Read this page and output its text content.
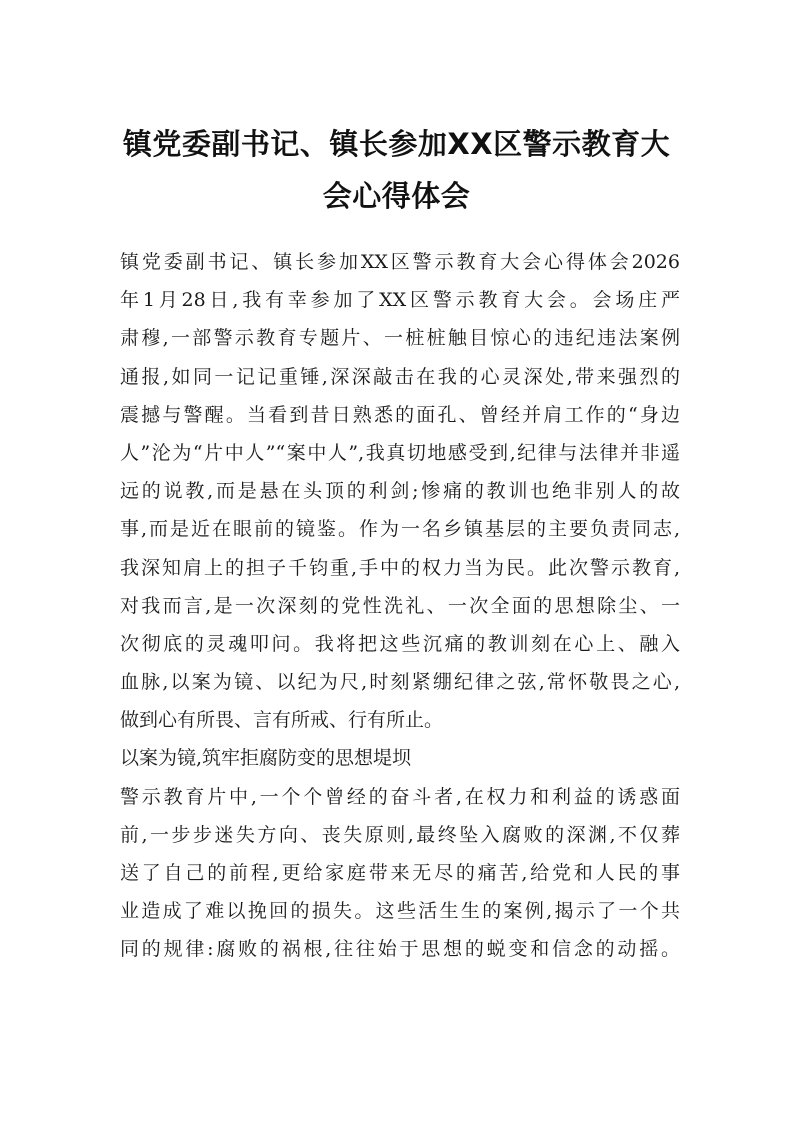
镇党委副书记、镇长参加XX区警示教育大
会心得体会
镇党委副书记、镇长参加XX区警示教育大会心得体会2026
年1月28日,我有幸参加了XX区警示教育大会。会场庄严
肃穆,一部警示教育专题片、一桩桩触目惊心的违纪违法案例
通报,如同一记记重锤,深深敲击在我的心灵深处,带来强烈的
震撼与警醒。当看到昔日熟悉的面孔、曾经并肩工作的“身边
人”沦为“片中人”“案中人”,我真切地感受到,纪律与法律并非遥
远的说教,而是悬在头顶的利剑;惨痛的教训也绝非别人的故
事,而是近在眼前的镜鉴。作为一名乡镇基层的主要负责同志,
我深知肩上的担子千钧重,手中的权力当为民。此次警示教育,
对我而言,是一次深刻的党性洗礼、一次全面的思想除尘、一
次彻底的灵魂叩问。我将把这些沉痛的教训刻在心上、融入
血脉,以案为镜、以纪为尺,时刻紧绷纪律之弦,常怀敬畏之心,
做到心有所畏、言有所戒、行有所止。
以案为镜,筑牢拒腐防变的思想堤坝
警示教育片中,一个个曾经的奋斗者,在权力和利益的诱惑面
前,一步步迷失方向、丧失原则,最终坠入腐败的深渊,不仅葬
送了自己的前程,更给家庭带来无尽的痛苦,给党和人民的事
业造成了难以挽回的损失。这些活生生的案例,揭示了一个共
同的规律:腐败的祸根,往往始于思想的蜕变和信念的动摇。
